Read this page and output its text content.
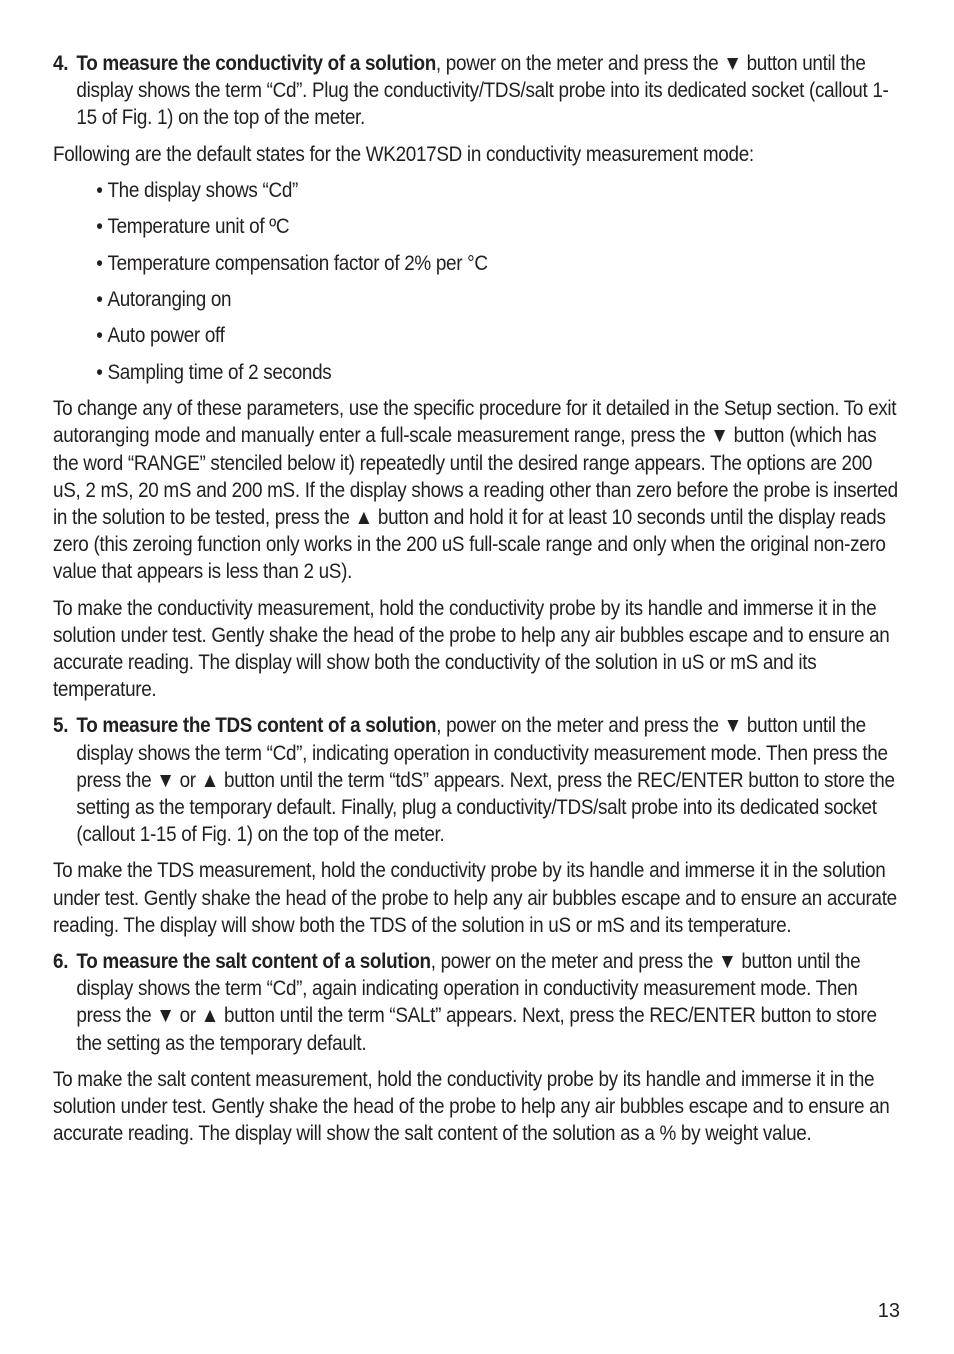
4. To measure the conductivity of a solution, power on the meter and press the ▼ button until the display shows the term “Cd”. Plug the conductivity/TDS/salt probe into its dedicated socket (callout 1-15 of Fig. 1) on the top of the meter.

Following are the default states for the WK2017SD in conductivity measurement mode:

• The display shows “Cd”
• Temperature unit of ºC
• Temperature compensation factor of 2% per °C
• Autoranging on
• Auto power off
• Sampling time of 2 seconds

To change any of these parameters, use the specific procedure for it detailed in the Setup section. To exit autoranging mode and manually enter a full-scale measurement range, press the ▼ button (which has the word “RANGE” stenciled below it) repeatedly until the desired range appears. The options are 200 uS, 2 mS, 20 mS and 200 mS. If the display shows a reading other than zero before the probe is inserted in the solution to be tested, press the ▲ button and hold it for at least 10 seconds until the display reads zero (this zeroing function only works in the 200 uS full-scale range and only when the original non-zero value that appears is less than 2 uS).

To make the conductivity measurement, hold the conductivity probe by its handle and immerse it in the solution under test. Gently shake the head of the probe to help any air bubbles escape and to ensure an accurate reading. The display will show both the conductivity of the solution in uS or mS and its temperature.

5. To measure the TDS content of a solution, power on the meter and press the ▼ button until the display shows the term “Cd”, indicating operation in conductivity measurement mode. Then press the press the ▼ or ▲ button until the term “tdS” appears. Next, press the REC/ENTER button to store the setting as the temporary default. Finally, plug a conductivity/TDS/salt probe into its dedicated socket (callout 1-15 of Fig. 1) on the top of the meter.

To make the TDS measurement, hold the conductivity probe by its handle and immerse it in the solution under test. Gently shake the head of the probe to help any air bubbles escape and to ensure an accurate reading. The display will show both the TDS of the solution in uS or mS and its temperature.

6. To measure the salt content of a solution, power on the meter and press the ▼ button until the display shows the term “Cd”, again indicating operation in conductivity measurement mode. Then press the ▼ or ▲ button until the term “SALt” appears. Next, press the REC/ENTER button to store the setting as the temporary default.

To make the salt content measurement, hold the conductivity probe by its handle and immerse it in the solution under test. Gently shake the head of the probe to help any air bubbles escape and to ensure an accurate reading. The display will show the salt content of the solution as a % by weight value.

13
